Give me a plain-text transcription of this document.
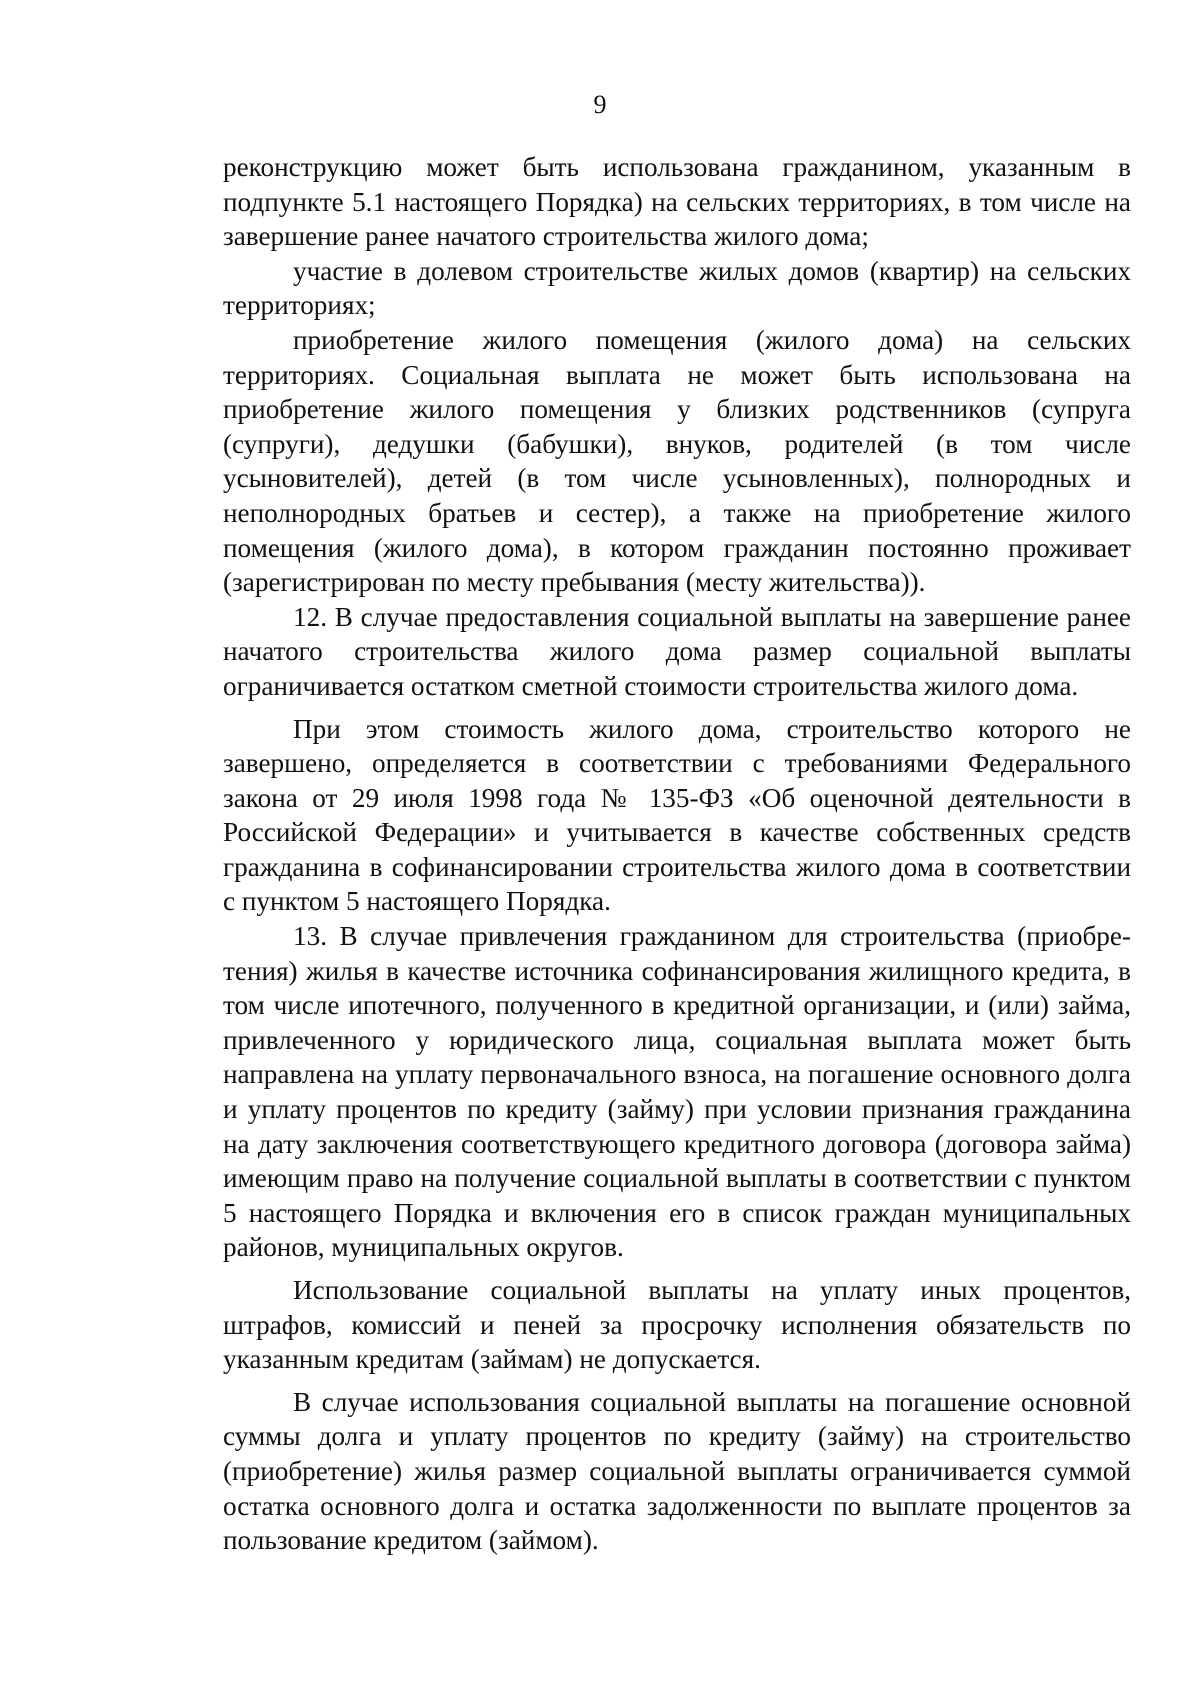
9

реконструкцию может быть использована гражданином, указанным в подпункте 5.1 настоящего Порядка) на сельских территориях, в том числе на завершение ранее начатого строительства жилого дома;

участие в долевом строительстве жилых домов (квартир) на сельских территориях;

приобретение жилого помещения (жилого дома) на сельских территориях. Социальная выплата не может быть использована на приобретение жилого помещения у близких родственников (супруга (супруги), дедушки (бабушки), внуков, родителей (в том числе усыновителей), детей (в том числе усыновленных), полнородных и неполнородных братьев и сестер), а также на приобретение жилого помещения (жилого дома), в котором гражданин постоянно проживает (зарегистрирован по месту пребывания (месту жительства)).

12. В случае предоставления социальной выплаты на завершение ранее начатого строительства жилого дома размер социальной выплаты ограничивается остатком сметной стоимости строительства жилого дома.

При этом стоимость жилого дома, строительство которого не завершено, определяется в соответствии с требованиями Федерального закона от 29 июля 1998 года № 135-ФЗ «Об оценочной деятельности в Российской Федерации» и учитывается в качестве собственных средств гражданина в софинансировании строительства жилого дома в соответствии с пунктом 5 настоящего Порядка.

13. В случае привлечения гражданином для строительства (приобре-тения) жилья в качестве источника софинансирования жилищного кредита, в том числе ипотечного, полученного в кредитной организации, и (или) займа, привлеченного у юридического лица, социальная выплата может быть направлена на уплату первоначального взноса, на погашение основного долга и уплату процентов по кредиту (займу) при условии признания гражданина на дату заключения соответствующего кредитного договора (договора займа) имеющим право на получение социальной выплаты в соответствии с пунктом 5 настоящего Порядка и включения его в список граждан муниципальных районов, муниципальных округов.

Использование социальной выплаты на уплату иных процентов, штрафов, комиссий и пеней за просрочку исполнения обязательств по указанным кредитам (займам) не допускается.

В случае использования социальной выплаты на погашение основной суммы долга и уплату процентов по кредиту (займу) на строительство (приобретение) жилья размер социальной выплаты ограничивается суммой остатка основного долга и остатка задолженности по выплате процентов за пользование кредитом (займом).
